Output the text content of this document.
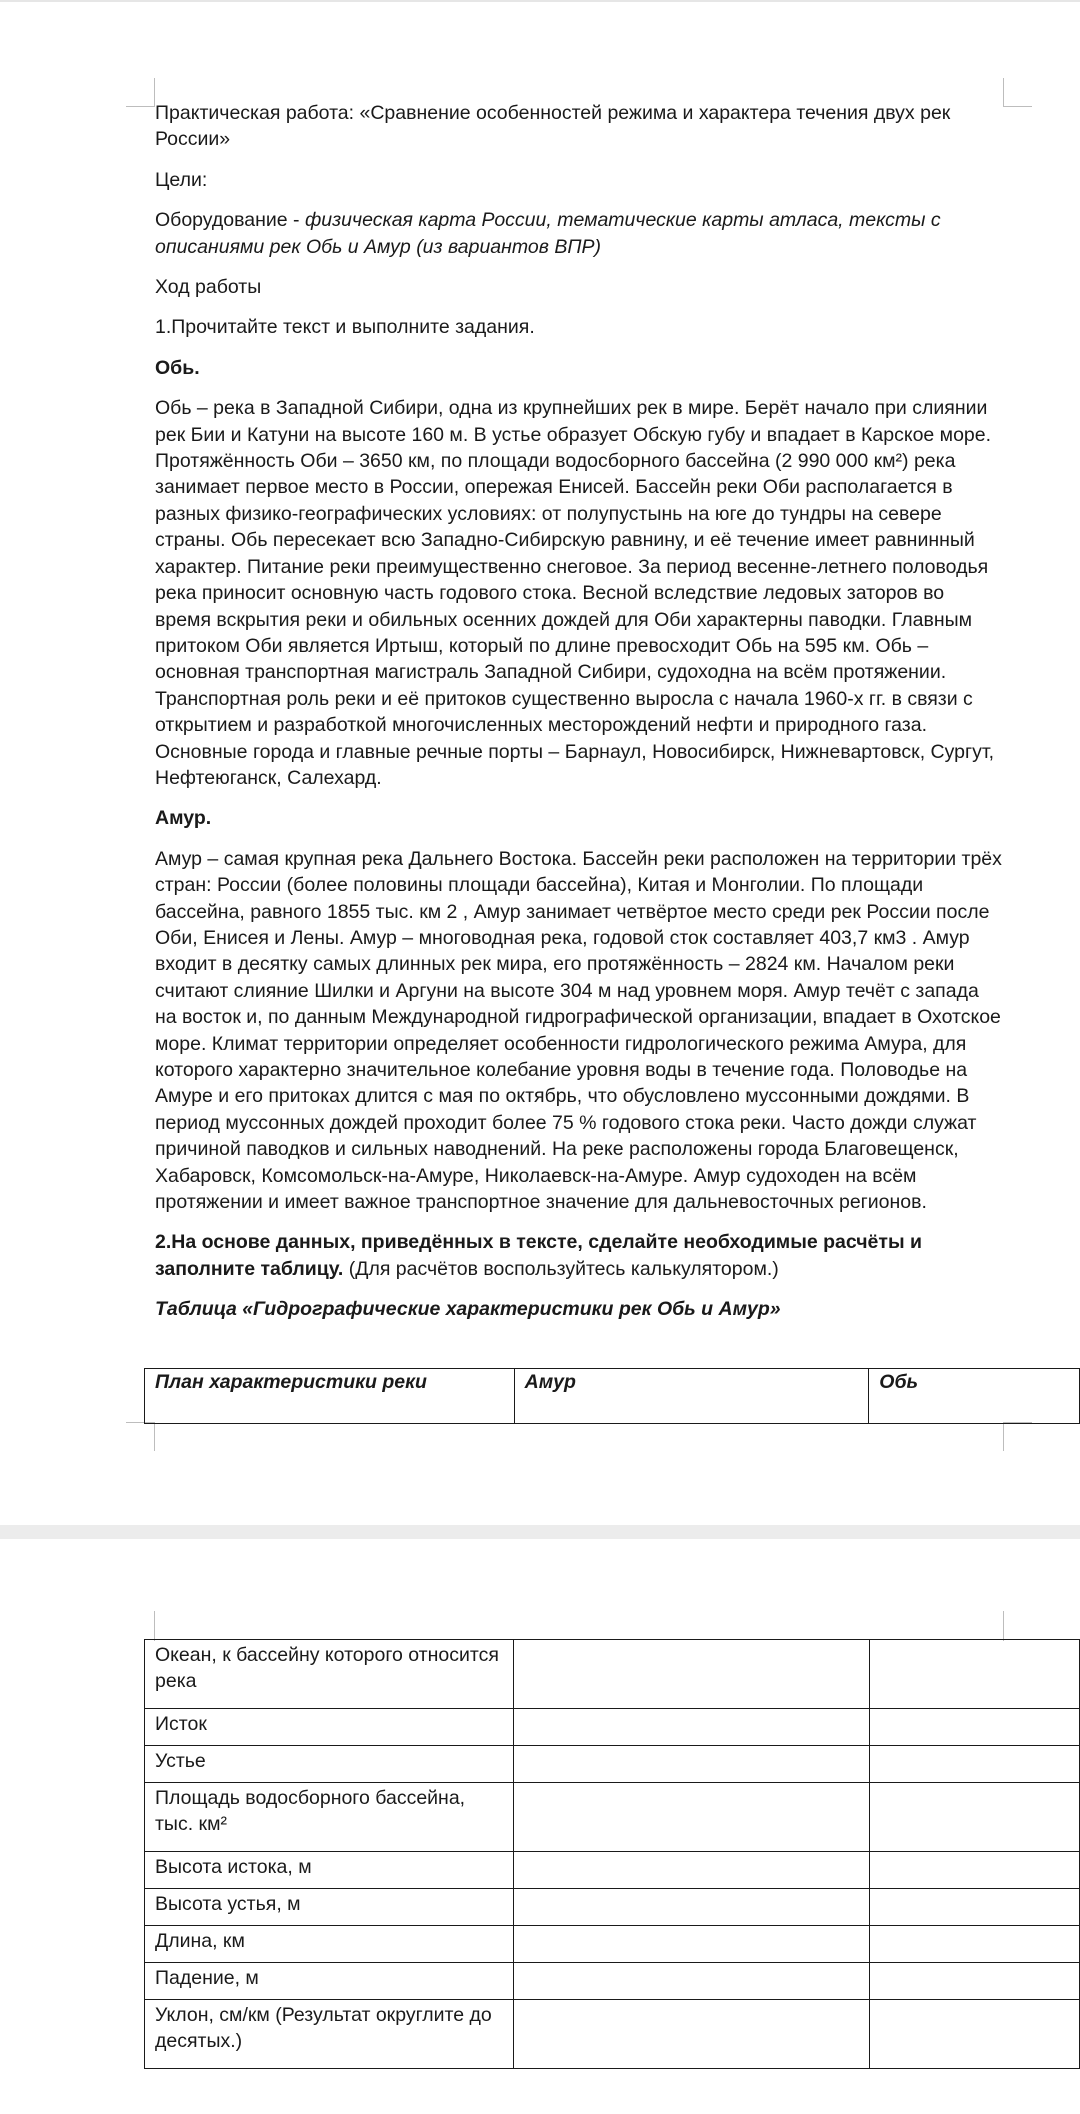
Практическая работа: «Сравнение особенностей режима и характера течения двух рек России»

Цели:

Оборудование - физическая карта России, тематические карты атласа, тексты с описаниями рек Обь и Амур (из вариантов ВПР)

Ход работы

1.Прочитайте текст и выполните задания.

Обь.

Обь – река в Западной Сибири, одна из крупнейших рек в мире. Берёт начало при слиянии рек Бии и Катуни на высоте 160 м. В устье образует Обскую губу и впадает в Карское море. Протяжённость Оби – 3650 км, по площади водосборного бассейна (2 990 000 км²) река занимает первое место в России, опережая Енисей. Бассейн реки Оби располагается в разных физико-географических условиях: от полупустынь на юге до тундры на севере страны. Обь пересекает всю Западно-Сибирскую равнину, и её течение имеет равнинный характер. Питание реки преимущественно снеговое. За период весенне-летнего половодья река приносит основную часть годового стока. Весной вследствие ледовых заторов во время вскрытия реки и обильных осенних дождей для Оби характерны паводки. Главным притоком Оби является Иртыш, который по длине превосходит Обь на 595 км. Обь – основная транспортная магистраль Западной Сибири, судоходна на всём протяжении. Транспортная роль реки и её притоков существенно выросла с начала 1960-х гг. в связи с открытием и разработкой многочисленных месторождений нефти и природного газа. Основные города и главные речные порты – Барнаул, Новосибирск, Нижневартовск, Сургут, Нефтеюганск, Салехард.

Амур.

Амур – самая крупная река Дальнего Востока. Бассейн реки расположен на территории трёх стран: России (более половины площади бассейна), Китая и Монголии. По площади бассейна, равного 1855 тыс. км 2 , Амур занимает четвёртое место среди рек России после Оби, Енисея и Лены. Амур – многоводная река, годовой сток составляет 403,7 км3 . Амур входит в десятку самых длинных рек мира, его протяжённость – 2824 км. Началом реки считают слияние Шилки и Аргуни на высоте 304 м над уровнем моря. Амур течёт с запада на восток и, по данным Международной гидрографической организации, впадает в Охотское море. Климат территории определяет особенности гидрологического режима Амура, для которого характерно значительное колебание уровня воды в течение года. Половодье на Амуре и его притоках длится с мая по октябрь, что обусловлено муссонными дождями. В период муссонных дождей проходит более 75 % годового стока реки. Часто дожди служат причиной паводков и сильных наводнений. На реке расположены города Благовещенск, Хабаровск, Комсомольск-на-Амуре, Николаевск-на-Амуре. Амур судоходен на всём протяжении и имеет важное транспортное значение для дальневосточных регионов.

2.На основе данных, приведённых в тексте, сделайте необходимые расчёты и заполните таблицу. (Для расчётов воспользуйтесь калькулятором.)

Таблица «Гидрографические характеристики рек Обь и Амур»

План характеристики реки	Амур	Обь
Океан, к бассейну которого относится река		
Исток		
Устье		
Площадь водосборного бассейна, тыс. км²		
Высота истока, м		
Высота устья, м		
Длина, км		
Падение, м		
Уклон, см/км (Результат округлите до десятых.)		
